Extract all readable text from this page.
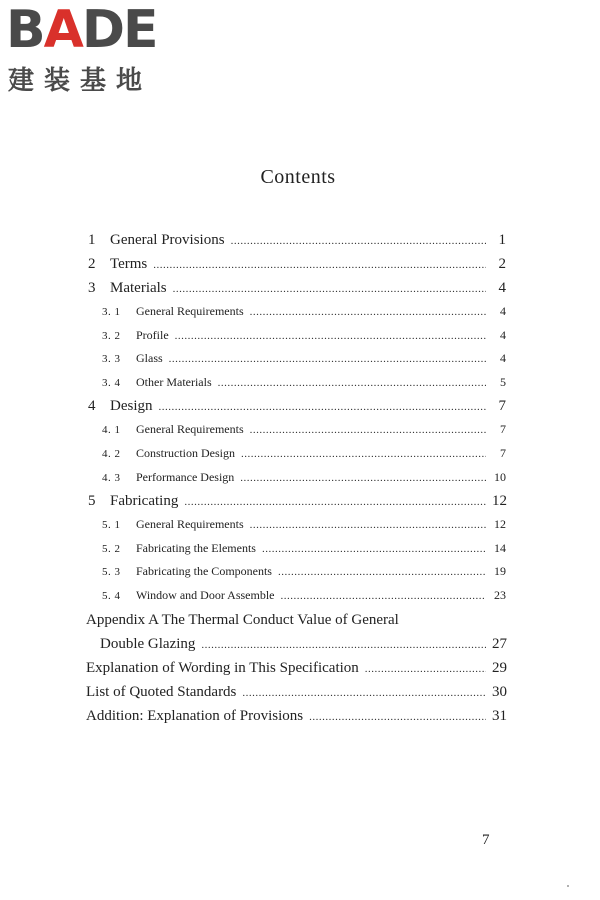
BADE
建装基地
Contents
1 General Provisions .....	1
2 Terms .....	2
3 Materials .....	4
3. 1	General Requirements .....	4
3. 2	Profile .....	4
3. 3	Glass .....	4
3. 4	Other Materials .....	5
4 Design .....	7
4. 1	General Requirements .....	7
4. 2	Construction Design .....	7
4. 3	Performance Design .....	10
5 Fabricating .....	12
5. 1	General Requirements .....	12
5. 2	Fabricating the Elements .....	14
5. 3	Fabricating the Components .....	19
5. 4	Window and Door Assemble .....	23
Appendix A The Thermal Conduct Value of General
Double Glazing .....	27
Explanation of Wording in This Specification .....	29
List of Quoted Standards .....	30
Addition: Explanation of Provisions .....	31
7
